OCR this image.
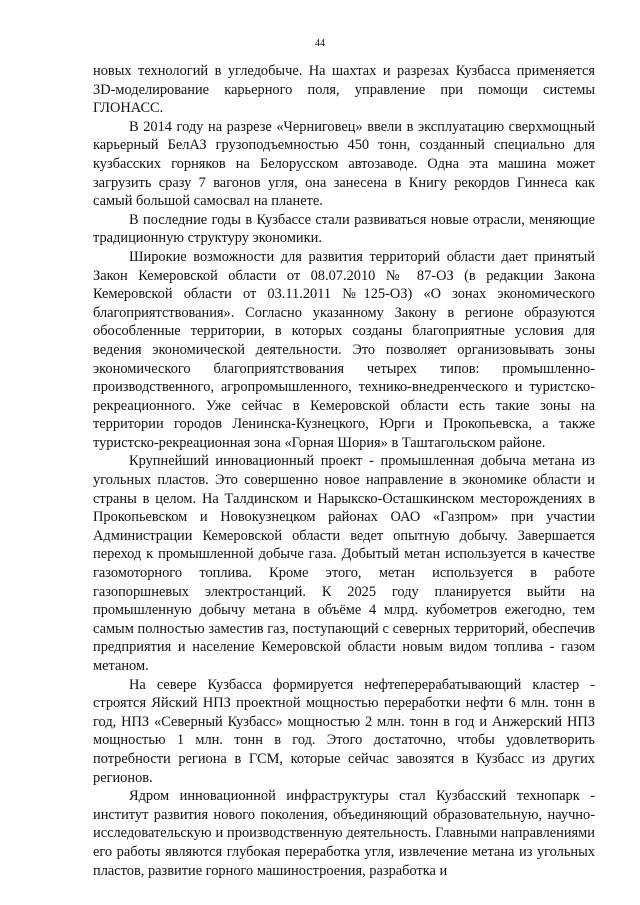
44

новых технологий в угледобыче. На шахтах и разрезах Кузбасса применяется 3D-моделирование карьерного поля, управление при помощи системы ГЛОНАСС.

В 2014 году на разрезе «Черниговец» ввели в эксплуатацию сверхмощный карьерный БелАЗ грузоподъемностью 450 тонн, созданный специально для кузбасских горняков на Белорусском автозаводе. Одна эта машина может загрузить сразу 7 вагонов угля, она занесена в Книгу рекордов Гиннеса как самый большой самосвал на планете.

В последние годы в Кузбассе стали развиваться новые отрасли, меняющие традиционную структуру экономики.

Широкие возможности для развития территорий области дает принятый Закон Кемеровской области от 08.07.2010 № 87-ОЗ (в редакции Закона Кемеровской области от 03.11.2011 №125-ОЗ) «О зонах экономического благоприятствования». Согласно указанному Закону в регионе образуются обособленные территории, в которых созданы благоприятные условия для ведения экономической деятельности. Это позволяет организовывать зоны экономического благоприятствования четырех типов: промышленно-производственного, агропромышленного, технико-внедренческого и туристско-рекреационного. Уже сейчас в Кемеровской области есть такие зоны на территории городов Ленинска-Кузнецкого, Юрги и Прокопьевска, а также туристско-рекреационная зона «Горная Шория» в Таштагольском районе.

Крупнейший инновационный проект - промышленная добыча метана из угольных пластов. Это совершенно новое направление в экономике области и страны в целом. На Талдинском и Нарыкско-Осташкинском месторождениях в Прокопьевском и Новокузнецком районах ОАО «Газпром» при участии Администрации Кемеровской области ведет опытную добычу. Завершается переход к промышленной добыче газа. Добытый метан используется в качестве газомоторного топлива. Кроме этого, метан используется в работе газопоршневых электростанций. К 2025 году планируется выйти на промышленную добычу метана в объёме 4 млрд. кубометров ежегодно, тем самым полностью заместив газ, поступающий с северных территорий, обеспечив предприятия и население Кемеровской области новым видом топлива - газом метаном.

На севере Кузбасса формируется нефтеперерабатывающий кластер - строятся Яйский НПЗ проектной мощностью переработки нефти 6 млн. тонн в год, НПЗ «Северный Кузбасс» мощностью 2 млн. тонн в год и Анжерский НПЗ мощностью 1 млн. тонн в год. Этого достаточно, чтобы удовлетворить потребности региона в ГСМ, которые сейчас завозятся в Кузбасс из других регионов.

Ядром инновационной инфраструктуры стал Кузбасский технопарк - институт развития нового поколения, объединяющий образовательную, научно-исследовательскую и производственную деятельность. Главными направлениями его работы являются глубокая переработка угля, извлечение метана из угольных пластов, развитие горного машиностроения, разработка и
